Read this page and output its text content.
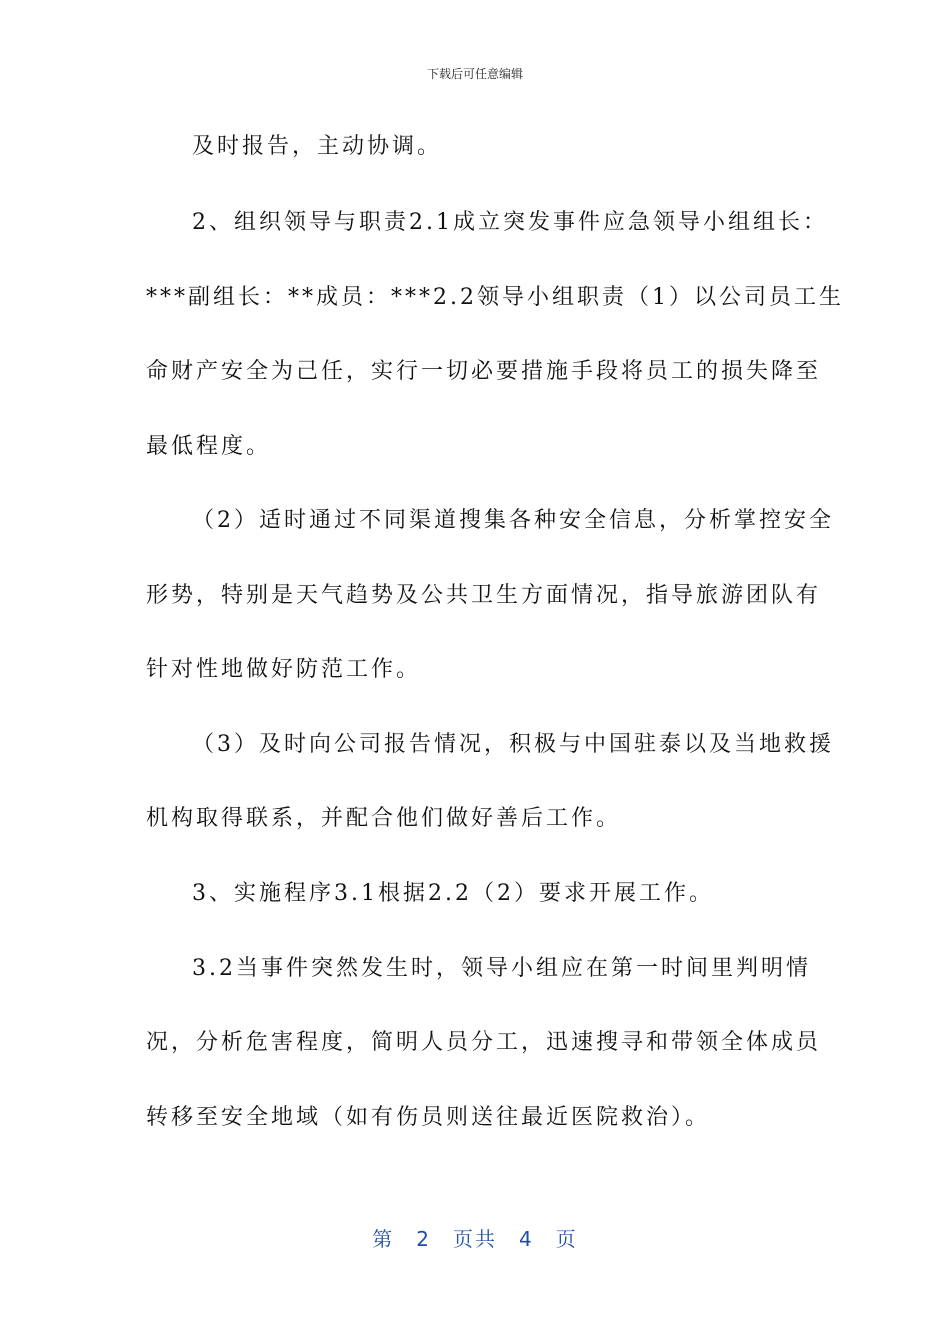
下载后可任意编辑
及时报告，主动协调。
2、组织领导与职责2.1成立突发事件应急领导小组组长：
***副组长：**成员：***2.2领导小组职责（1）以公司员工生
命财产安全为己任，实行一切必要措施手段将员工的损失降至
最低程度。
（2）适时通过不同渠道搜集各种安全信息，分析掌控安全
形势，特别是天气趋势及公共卫生方面情况，指导旅游团队有
针对性地做好防范工作。
（3）及时向公司报告情况，积极与中国驻泰以及当地救援
机构取得联系，并配合他们做好善后工作。
3、实施程序3.1根据2.2（2）要求开展工作。
3.2当事件突然发生时，领导小组应在第一时间里判明情
况，分析危害程度，简明人员分工，迅速搜寻和带领全体成员
转移至安全地域（如有伤员则送往最近医院救治）。
第 2 页共 4 页
